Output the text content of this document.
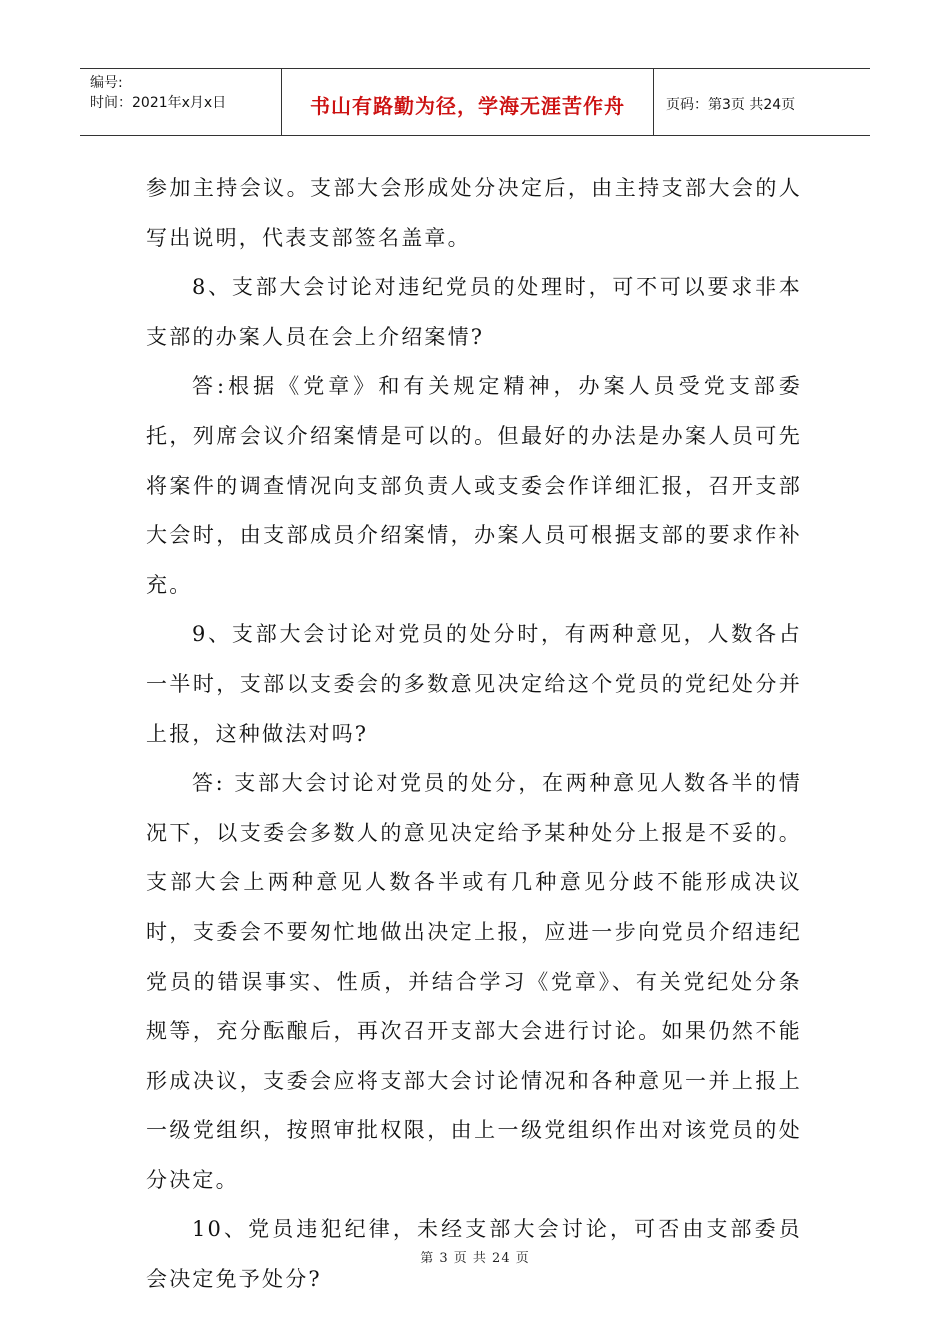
编号:
时间：2021年x月x日	书山有路勤为径，学海无涯苦作舟	页码：第3页 共24页

参加主持会议。支部大会形成处分决定后，由主持支部大会的人写出说明，代表支部签名盖章。

8、支部大会讨论对违纪党员的处理时，可不可以要求非本支部的办案人员在会上介绍案情?

答:根据《党章》和有关规定精神，办案人员受党支部委托，列席会议介绍案情是可以的。但最好的办法是办案人员可先将案件的调查情况向支部负责人或支委会作详细汇报，召开支部大会时，由支部成员介绍案情，办案人员可根据支部的要求作补充。

9、支部大会讨论对党员的处分时，有两种意见，人数各占一半时，支部以支委会的多数意见决定给这个党员的党纪处分并上报，这种做法对吗?

答: 支部大会讨论对党员的处分，在两种意见人数各半的情况下，以支委会多数人的意见决定给予某种处分上报是不妥的。支部大会上两种意见人数各半或有几种意见分歧不能形成决议时，支委会不要匆忙地做出决定上报，应进一步向党员介绍违纪党员的错误事实、性质，并结合学习《党章》、有关党纪处分条规等，充分酝酿后，再次召开支部大会进行讨论。如果仍然不能形成决议，支委会应将支部大会讨论情况和各种意见一并上报上一级党组织，按照审批权限，由上一级党组织作出对该党员的处分决定。

10、党员违犯纪律，未经支部大会讨论，可否由支部委员会决定免予处分?

第 3 页 共 24 页
